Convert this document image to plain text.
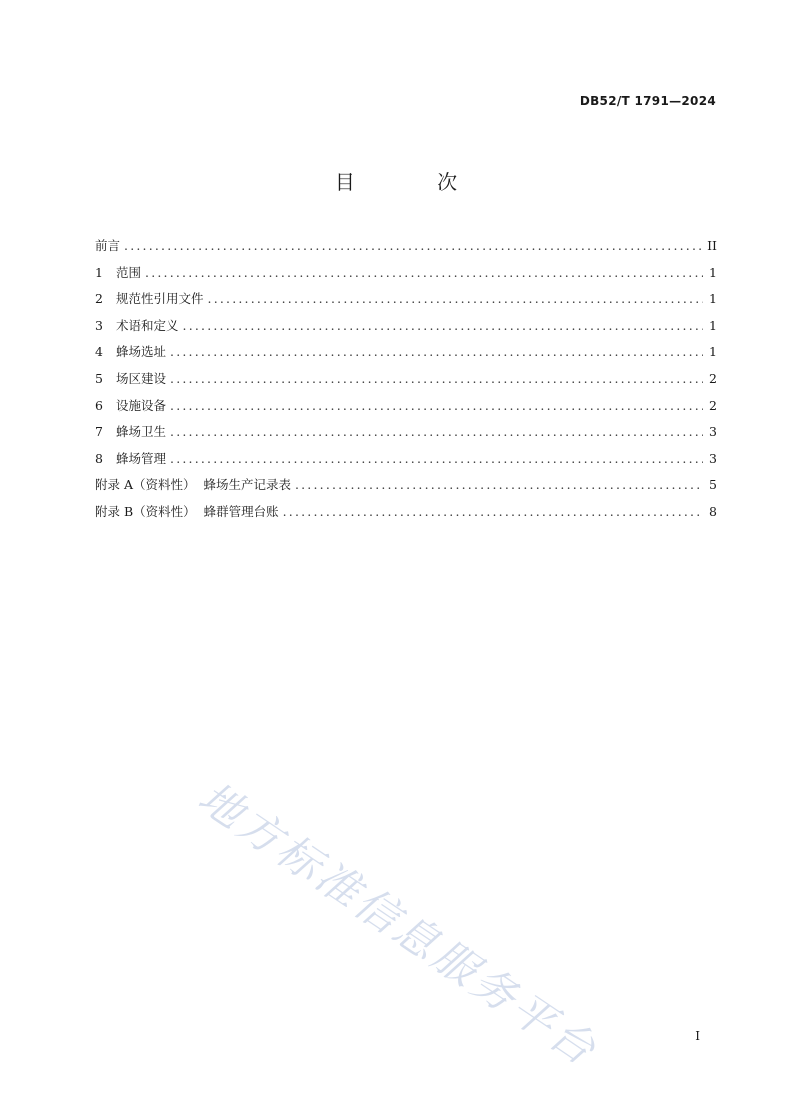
DB52/T 1791—2024
目 次
前言 .....	II
1	范围 .....	1
2	规范性引用文件 .....	1
3	术语和定义 .....	1
4	蜂场选址 .....	1
5	场区建设 .....	2
6	设施设备 .....	2
7	蜂场卫生 .....	3
8	蜂场管理 .....	3
附录 A（资料性）  蜂场生产记录表 .....	5
附录 B（资料性）  蜂群管理台账 .....	8
地方标准信息服务平台	I
